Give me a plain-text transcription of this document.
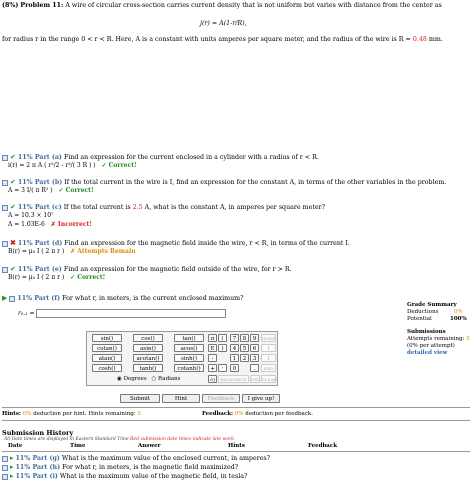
(8%) Problem 11: A wire of circular cross-section carries current density that is not uniform but varies with distance from the center as
j(r) = A(1-r/R),
for radius r in the range 0 < r < R. Here, A is a constant with units amperes per square meter, and the radius of the wire is R = 0.48 mm.
✔ 11% Part (a) Find an expression for the current enclosed in a cylinder with a radius of r < R.
i(r) = 2 π A ( r²/2 - r³/( 3 R ) ) ✓ Correct!
✔ 11% Part (b) If the total current in the wire is I, find an expression for the constant A, in terms of the other variables in the problem.
A = 3 I/( π R² ) ✓ Correct!
✔ 11% Part (c) If the total current is 2.5 A, what is the constant A, in amperes per square meter?
A = 10.3 × 10⁷
A = 1.03E-6 ✗ Incorrect!
✖ 11% Part (d) Find an expression for the magnetic field inside the wire, r < R, in terms of the current I.
B(r) = μ₀ I ( 2 π r ) ✗ Attempts Remain
✔ 11% Part (e) Find an expression for the magnetic field outside of the wire, for r > R.
B(r) = μ₀ I ( 2 π r ) ✓ Correct!
▶ 11% Part (f) For what r, in meters, is the current enclosed maximum?
r₀.₁ =
Grade Summary
Deductions	0%
Potential	100%
Submissions
Attempts remaining: 5
(0% per attempt)
detailed view
sin()	cos()	tan()
cotan()	asin()	acos()
atan()	acotan()	sinh()
cosh()	tanh()	cotanh()
π	(
E	)
-
+	·
7	8	9
4	5	6
1	2	3
0	.
HOME
↑
↓
END
◉ Degrees ○ Radians	√()	BACKSPACE	DEL CLEAR
Submit	Hint	Feedback	I give up!
Hints: 0% deduction per hint. Hints remaining: 5	Feedback: 0% deduction per feedback.
Submission History
All Date times are displayed in Eastern Standard Time Red submission date times indicate late work.
Date	Time	Answer	Hints	Feedback
▸ 11% Part (g) What is the maximum value of the enclosed current, in amperes?
▸ 11% Part (h) For what r, in meters, is the magnetic field maximized?
▸ 11% Part (i) What is the maximum value of the magnetic field, in tesla?
